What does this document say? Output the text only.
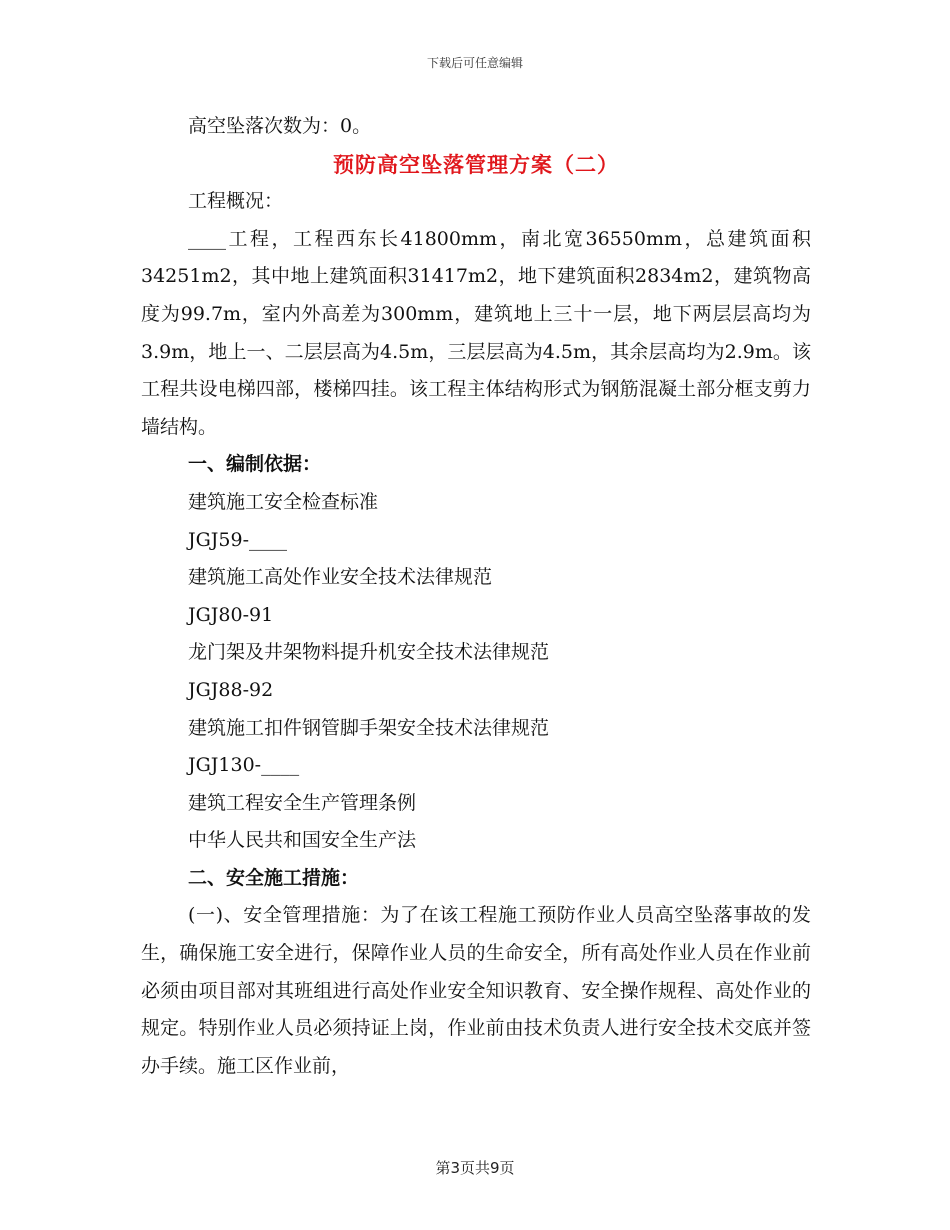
下载后可任意编辑

高空坠落次数为：0。

预防高空坠落管理方案（二）

工程概况：

____工程，工程西东长41800mm，南北宽36550mm，总建筑面积34251m2，其中地上建筑面积31417m2，地下建筑面积2834m2，建筑物高度为99.7m，室内外高差为300mm，建筑地上三十一层，地下两层层高均为3.9m，地上一、二层层高为4.5m，三层层高为4.5m，其余层高均为2.9m。该工程共设电梯四部，楼梯四挂。该工程主体结构形式为钢筋混凝土部分框支剪力墙结构。

一、编制依据：

建筑施工安全检查标准

JGJ59-____

建筑施工高处作业安全技术法律规范

JGJ80-91

龙门架及井架物料提升机安全技术法律规范

JGJ88-92

建筑施工扣件钢管脚手架安全技术法律规范

JGJ130-____

建筑工程安全生产管理条例

中华人民共和国安全生产法

二、安全施工措施：

(一)、安全管理措施：为了在该工程施工预防作业人员高空坠落事故的发生，确保施工安全进行，保障作业人员的生命安全，所有高处作业人员在作业前必须由项目部对其班组进行高处作业安全知识教育、安全操作规程、高处作业的规定。特别作业人员必须持证上岗，作业前由技术负责人进行安全技术交底并签办手续。施工区作业前，

第3页共9页
